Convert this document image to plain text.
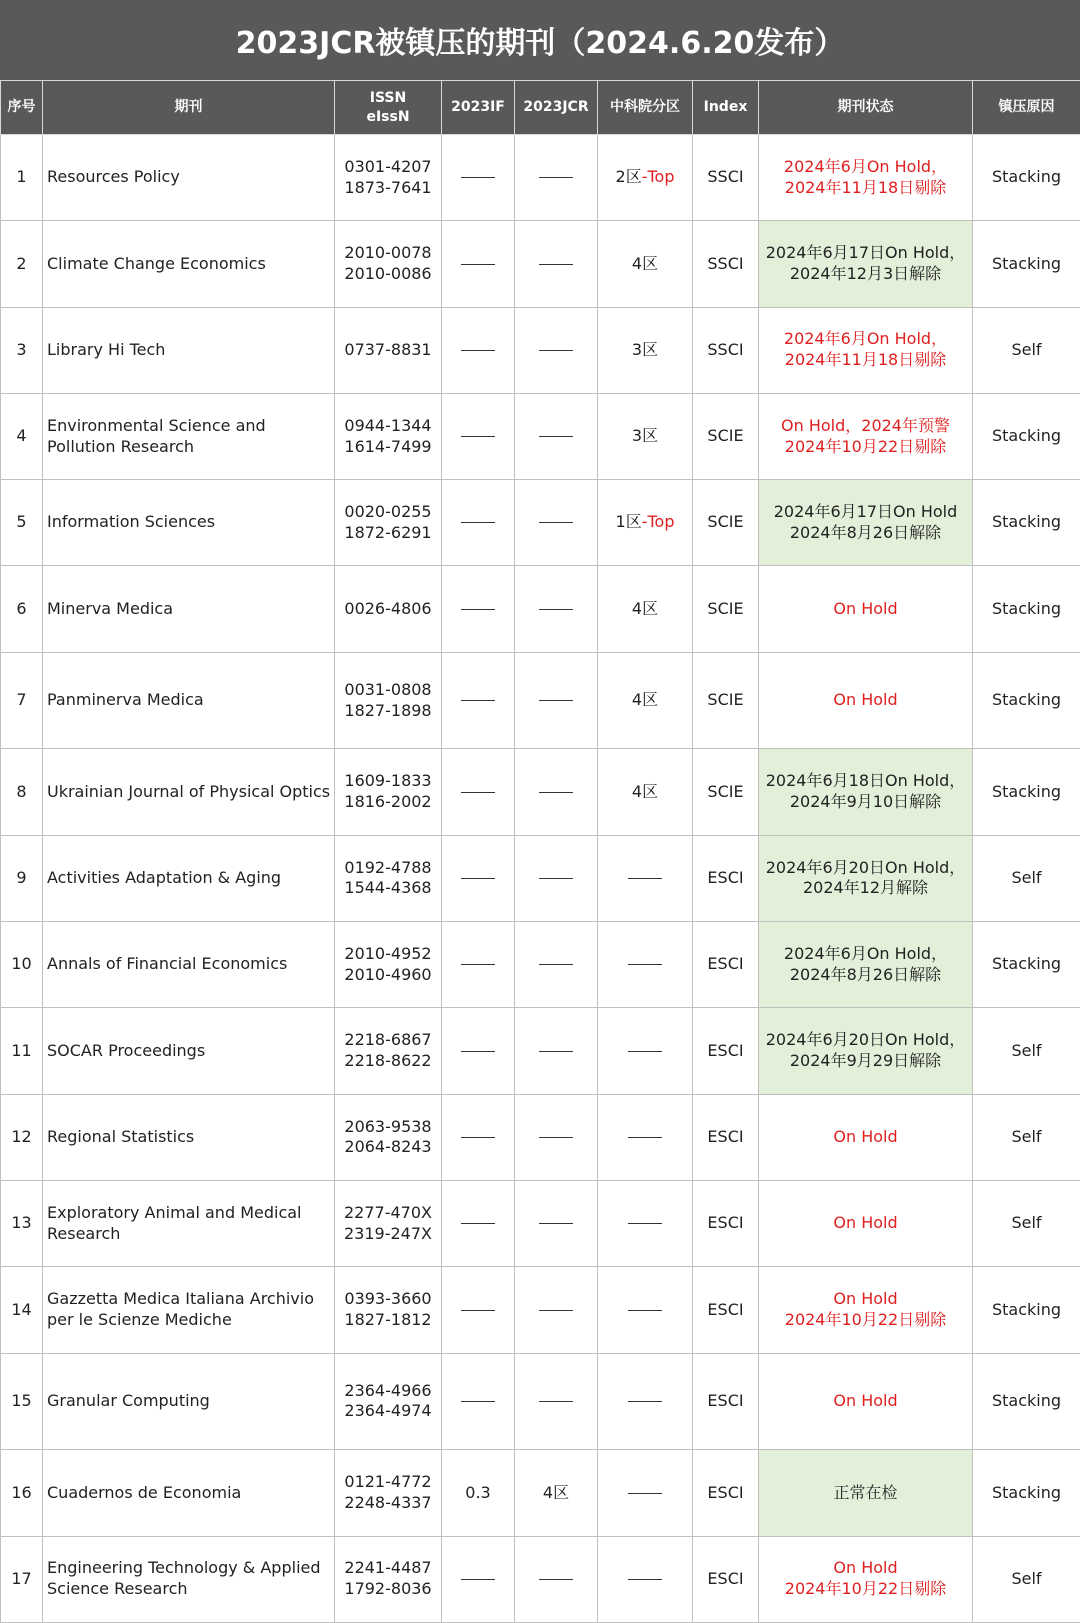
2023JCR被镇压的期刊（2024.6.20发布）
序号	期刊	ISSN
eIssN	2023IF	2023JCR	中科院分区	Index	期刊状态	镇压原因
1	Resources Policy	0301-4207
1873-7641			2区-Top	SSCI	2024年6月On Hold，
2024年11月18日剔除	Stacking
2	Climate Change Economics	2010-0078
2010-0086			4区	SSCI	2024年6月17日On Hold，
2024年12月3日解除	Stacking
3	Library Hi Tech	0737-8831			3区	SSCI	2024年6月On Hold，
2024年11月18日剔除	Self
4	Environmental Science and Pollution Research	0944-1344
1614-7499			3区	SCIE	On Hold，2024年预警
2024年10月22日剔除	Stacking
5	Information Sciences	0020-0255
1872-6291			1区-Top	SCIE	2024年6月17日On Hold
2024年8月26日解除	Stacking
6	Minerva Medica	0026-4806			4区	SCIE	On Hold	Stacking
7	Panminerva Medica	0031-0808
1827-1898			4区	SCIE	On Hold	Stacking
8	Ukrainian Journal of Physical Optics	1609-1833
1816-2002			4区	SCIE	2024年6月18日On Hold，
2024年9月10日解除	Stacking
9	Activities Adaptation & Aging	0192-4788
1544-4368				ESCI	2024年6月20日On Hold，
2024年12月解除	Self
10	Annals of Financial Economics	2010-4952
2010-4960				ESCI	2024年6月On Hold，
2024年8月26日解除	Stacking
11	SOCAR Proceedings	2218-6867
2218-8622				ESCI	2024年6月20日On Hold，
2024年9月29日解除	Self
12	Regional Statistics	2063-9538
2064-8243				ESCI	On Hold	Self
13	Exploratory Animal and Medical Research	2277-470X
2319-247X				ESCI	On Hold	Self
14	Gazzetta Medica Italiana Archivio per le Scienze Mediche	0393-3660
1827-1812				ESCI	On Hold
2024年10月22日剔除	Stacking
15	Granular Computing	2364-4966
2364-4974				ESCI	On Hold	Stacking
16	Cuadernos de Economia	0121-4772
2248-4337	0.3	4区		ESCI	正常在检	Stacking
17	Engineering Technology & Applied Science Research	2241-4487
1792-8036				ESCI	On Hold
2024年10月22日剔除	Self
